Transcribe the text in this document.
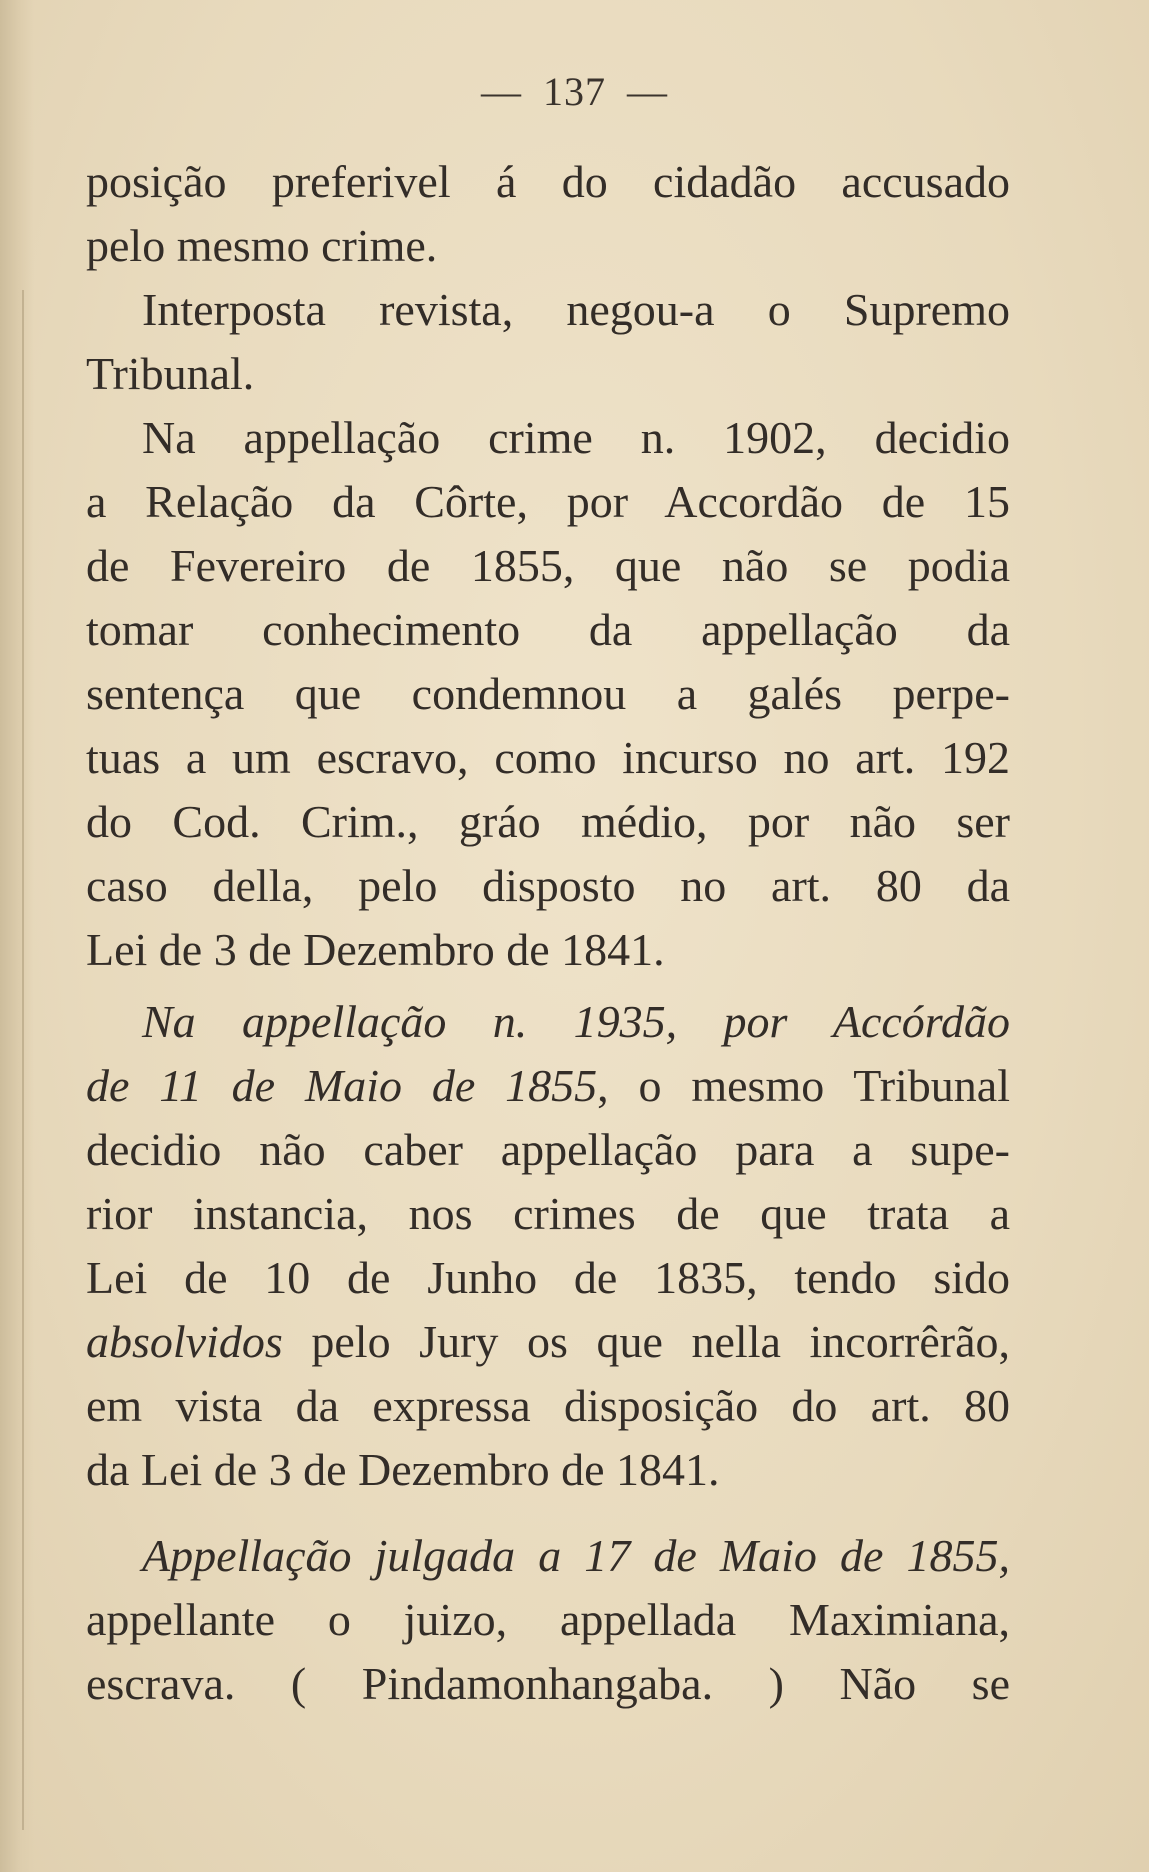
— 137 —
posição preferivel á do cidadão accusado
pelo mesmo crime.
Interposta revista, negou-a o Supremo
Tribunal.
Na appellação crime n. 1902, decidio
a Relação da Côrte, por Accordão de 15
de Fevereiro de 1855, que não se podia
tomar conhecimento da appellação da
sentença que condemnou a galés perpe-
tuas a um escravo, como incurso no art. 192
do Cod. Crim., gráo médio, por não ser
caso della, pelo disposto no art. 80 da
Lei de 3 de Dezembro de 1841.
Na appellação n. 1935, por Accórdão
de 11 de Maio de 1855, o mesmo Tribunal
decidio não caber appellação para a supe-
rior instancia, nos crimes de que trata a
Lei de 10 de Junho de 1835, tendo sido
absolvidos pelo Jury os que nella incorrêrão,
em vista da expressa disposição do art. 80
da Lei de 3 de Dezembro de 1841.
Appellação julgada a 17 de Maio de 1855,
appellante o juizo, appellada Maximiana,
escrava. ( Pindamonhangaba. ) Não se
